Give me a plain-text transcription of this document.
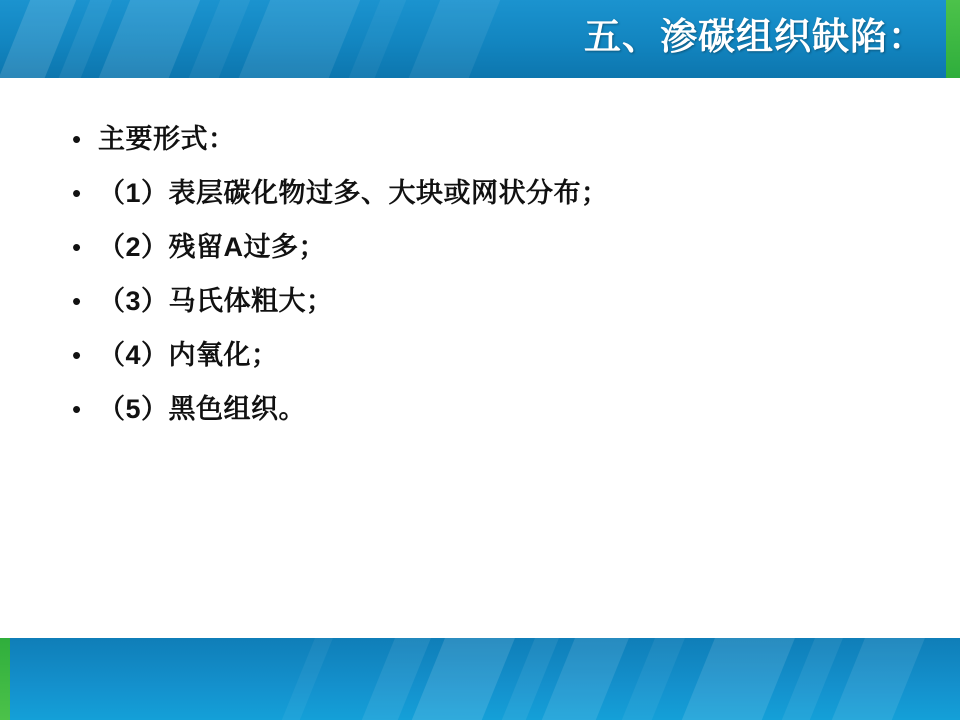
五、渗碳组织缺陷：
• 主要形式：
• （1）表层碳化物过多、大块或网状分布；
• （2）残留A过多；
• （3）马氏体粗大；
• （4）内氧化；
• （5）黑色组织。
